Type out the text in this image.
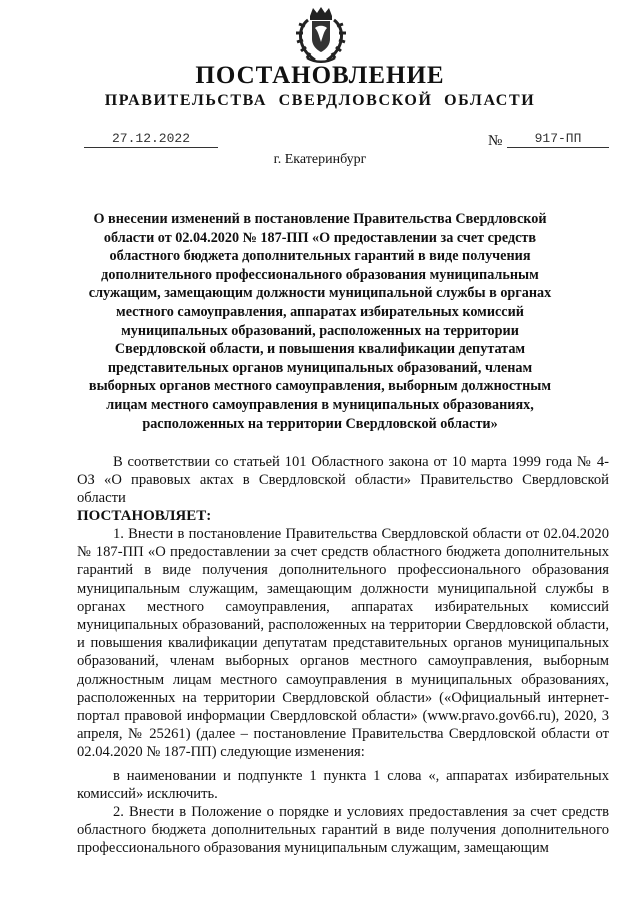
ПОСТАНОВЛЕНИЕ
ПРАВИТЕЛЬСТВА СВЕРДЛОВСКОЙ ОБЛАСТИ
27.12.2022	№	917-ПП
г. Екатеринбург
О внесении изменений в постановление Правительства Свердловской области от 02.04.2020 № 187-ПП «О предоставлении за счет средств областного бюджета дополнительных гарантий в виде получения дополнительного профессионального образования муниципальным служащим, замещающим должности муниципальной службы в органах местного самоуправления, аппаратах избирательных комиссий муниципальных образований, расположенных на территории Свердловской области, и повышения квалификации депутатам представительных органов муниципальных образований, членам выборных органов местного самоуправления, выборным должностным лицам местного самоуправления в муниципальных образованиях, расположенных на территории Свердловской области»
В соответствии со статьей 101 Областного закона от 10 марта 1999 года № 4-ОЗ «О правовых актах в Свердловской области» Правительство Свердловской области
ПОСТАНОВЛЯЕТ:
1. Внести в постановление Правительства Свердловской области от 02.04.2020 № 187-ПП «О предоставлении за счет средств областного бюджета дополнительных гарантий в виде получения дополнительного профессионального образования муниципальным служащим, замещающим должности муниципальной службы в органах местного самоуправления, аппаратах избирательных комиссий муниципальных образований, расположенных на территории Свердловской области, и повышения квалификации депутатам представительных органов муниципальных образований, членам выборных органов местного самоуправления, выборным должностным лицам местного самоуправления в муниципальных образованиях, расположенных на территории Свердловской области» («Официальный интернет-портал правовой информации Свердловской области» (www.pravo.gov66.ru), 2020, 3 апреля, № 25261) (далее – постановление Правительства Свердловской области от 02.04.2020 № 187-ПП) следующие изменения:
в наименовании и подпункте 1 пункта 1 слова «, аппаратах избирательных комиссий» исключить.
2. Внести в Положение о порядке и условиях предоставления за счет средств областного бюджета дополнительных гарантий в виде получения дополнительного профессионального образования муниципальным служащим, замещающим
